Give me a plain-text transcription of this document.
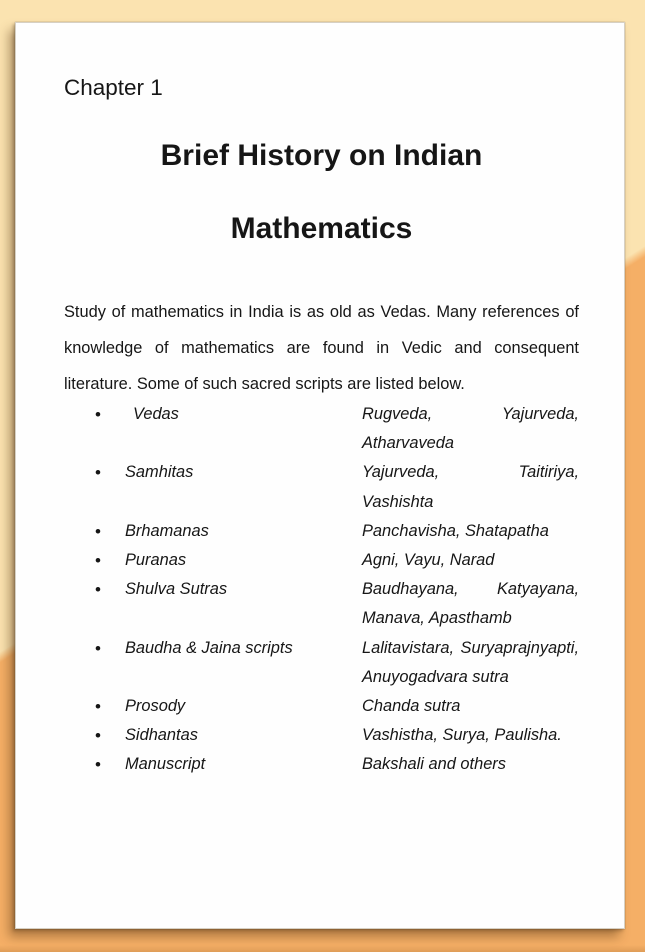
Chapter 1
Brief History on Indian
Mathematics
Study of mathematics in India is as old as Vedas. Many references of
knowledge of mathematics are found in Vedic and consequent
literature. Some of such sacred scripts are listed below.
•	Vedas	Rugveda, Yajurveda,
Atharvaveda
•	Samhitas	Yajurveda, Taitiriya,
Vashishta
•	Brhamanas	Panchavisha, Shatapatha
•	Puranas	Agni, Vayu, Narad
•	Shulva Sutras	Baudhayana, Katyayana,
Manava, Apasthamb
•	Baudha & Jaina scripts	Lalitavistara, Suryaprajnyapti,
Anuyogadvara sutra
•	Prosody	Chanda sutra
•	Sidhantas	Vashistha, Surya, Paulisha.
•	Manuscript	Bakshali and others
